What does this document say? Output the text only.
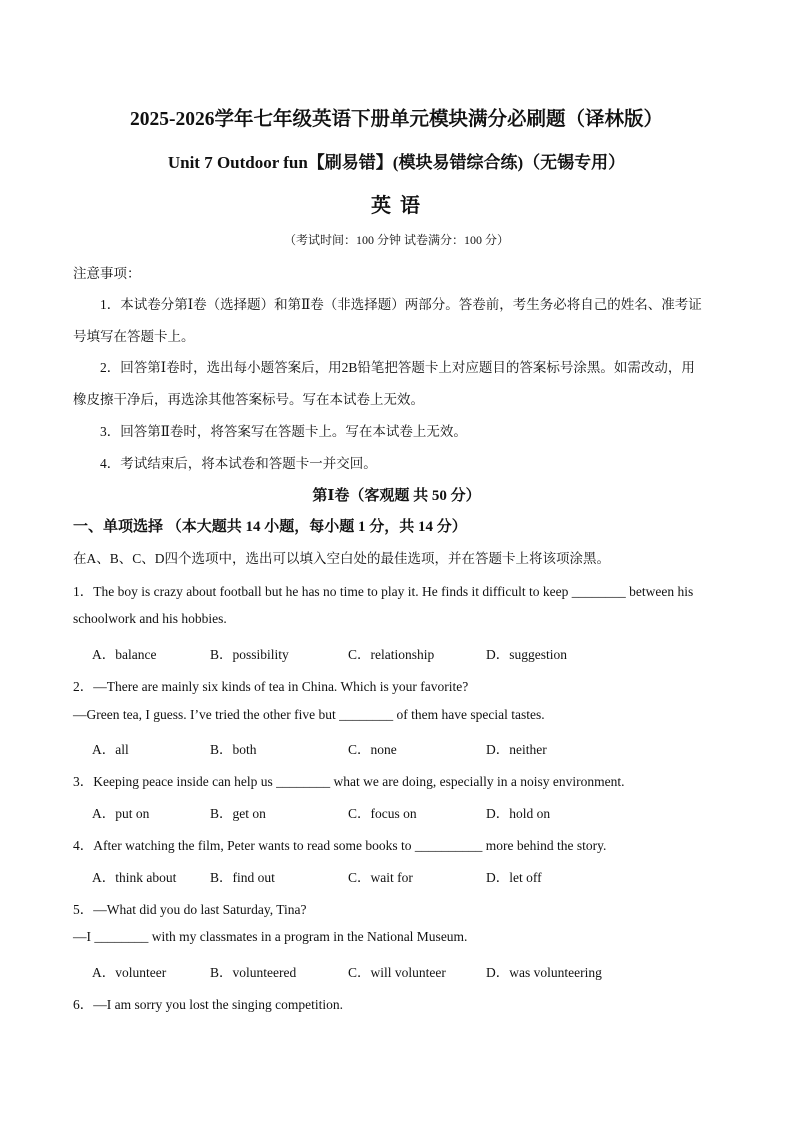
2025-2026学年七年级英语下册单元模块满分必刷题（译林版）
Unit 7 Outdoor fun【刷易错】(模块易错综合练)（无锡专用）
英 语
（考试时间：100 分钟 试卷满分：100 分）
注意事项：
1．本试卷分第Ⅰ卷（选择题）和第Ⅱ卷（非选择题）两部分。答卷前，考生务必将自己的姓名、准考证
号填写在答题卡上。
2．回答第Ⅰ卷时，选出每小题答案后，用2B铅笔把答题卡上对应题目的答案标号涂黑。如需改动，用
橡皮擦干净后，再选涂其他答案标号。写在本试卷上无效。
3．回答第Ⅱ卷时，将答案写在答题卡上。写在本试卷上无效。
4．考试结束后，将本试卷和答题卡一并交回。
第Ⅰ卷（客观题 共 50 分）
一、单项选择 （本大题共 14 小题，每小题 1 分，共 14 分）
在A、B、C、D四个选项中，选出可以填入空白处的最佳选项，并在答题卡上将该项涂黑。
1．The boy is crazy about football but he has no time to play it. He finds it difficult to keep ________ between his
schoolwork and his hobbies.
A．balance	B．possibility	C．relationship	D．suggestion
2．—There are mainly six kinds of tea in China. Which is your favorite?
—Green tea, I guess. I’ve tried the other five but ________ of them have special tastes.
A．all	B．both	C．none	D．neither
3．Keeping peace inside can help us ________ what we are doing, especially in a noisy environment.
A．put on	B．get on	C．focus on	D．hold on
4．After watching the film, Peter wants to read some books to __________ more behind the story.
A．think about B．find out	C．wait for	D．let off
5．—What did you do last Saturday, Tina?
—I ________ with my classmates in a program in the National Museum.
A．volunteer	B．volunteered	C．will volunteer	D．was volunteering
6．—I am sorry you lost the singing competition.
